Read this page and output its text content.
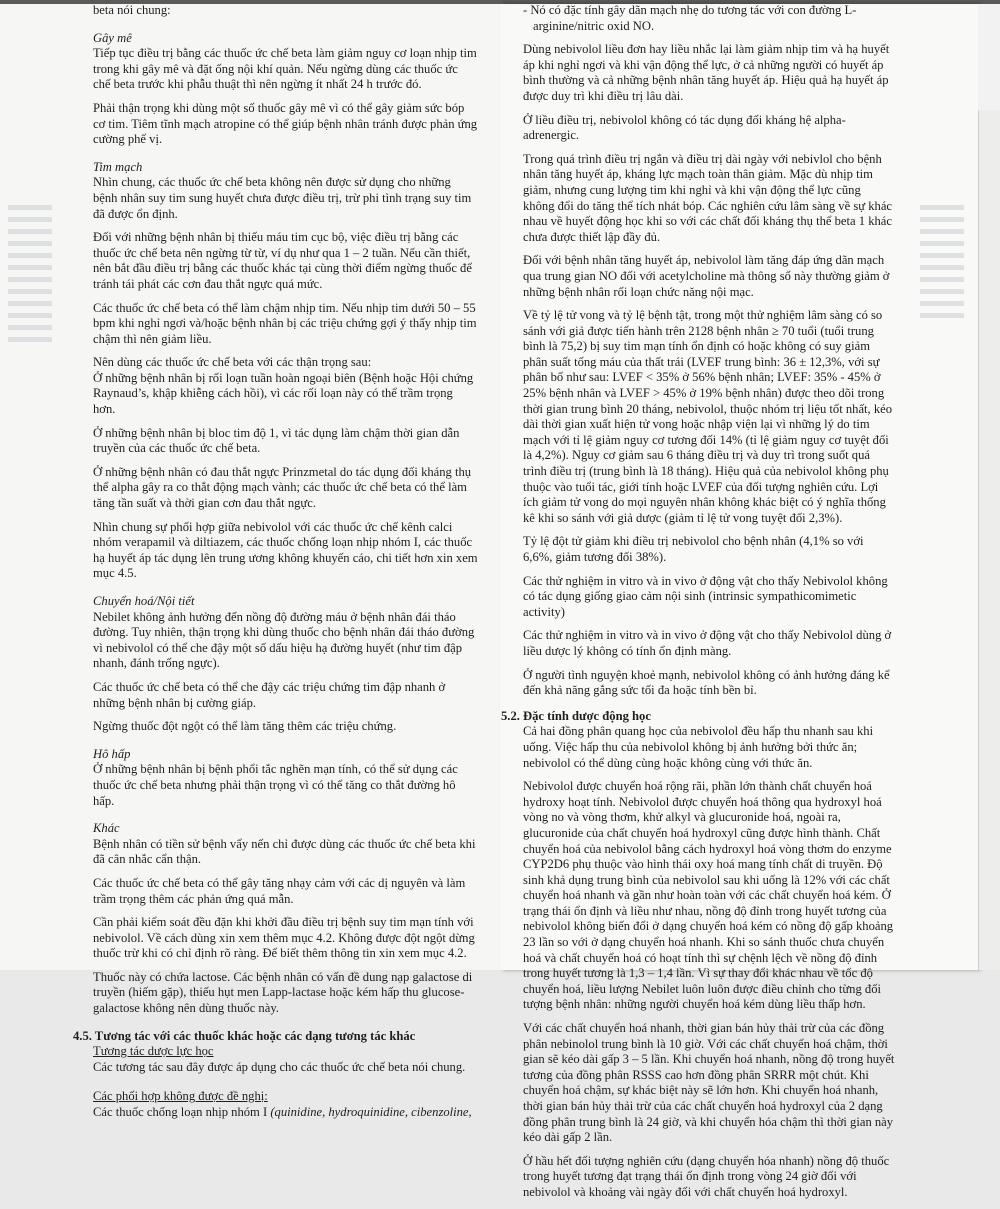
beta nói chung:

Gây mê

Tiếp tục điều trị bằng các thuốc ức chế beta làm giảm nguy cơ loạn nhịp tim trong khi gây mê và đặt ống nội khí quản. Nếu ngừng dùng các thuốc ức chế beta trước khi phẫu thuật thì nên ngừng ít nhất 24 h trước đó.

Phải thận trọng khi dùng một số thuốc gây mê vì có thể gây giảm sức bóp cơ tim. Tiêm tĩnh mạch atropine có thể giúp bệnh nhân tránh được phản ứng cường phế vị.

Tim mạch

Nhìn chung, các thuốc ức chế beta không nên được sử dụng cho những bệnh nhân suy tim sung huyết chưa được điều trị, trừ phi tình trạng suy tim đã được ổn định.

Đối với những bệnh nhân bị thiếu máu tim cục bộ, việc điều trị bằng các thuốc ức chế beta nên ngừng từ từ, ví dụ như qua 1 – 2 tuần. Nếu cần thiết, nên bắt đầu điều trị bằng các thuốc khác tại cùng thời điểm ngừng thuốc để tránh tái phát các cơn đau thắt ngực quá mức.

Các thuốc ức chế beta có thể làm chậm nhịp tim. Nếu nhịp tim dưới 50 – 55 bpm khi nghỉ ngơi và/hoặc bệnh nhân bị các triệu chứng gợi ý thấy nhịp tim chậm thì nên giảm liều.

Nên dùng các thuốc ức chế beta với các thận trọng sau:

Ở những bệnh nhân bị rối loạn tuần hoàn ngoại biên (Bệnh hoặc Hội chứng Raynaud’s, khập khiễng cách hồi), vì các rối loạn này có thể trầm trọng hơn.

Ở những bệnh nhân bị bloc tim độ 1, vì tác dụng làm chậm thời gian dẫn truyền của các thuốc ức chế beta.

Ở những bệnh nhân có đau thắt ngực Prinzmetal do tác dụng đối kháng thụ thể alpha gây ra co thắt động mạch vành; các thuốc ức chế beta có thể làm tăng tần suất và thời gian cơn đau thắt ngực.

Nhìn chung sự phối hợp giữa nebivolol với các thuốc ức chế kênh calci nhóm verapamil và diltiazem, các thuốc chống loạn nhịp nhóm I, các thuốc hạ huyết áp tác dụng lên trung ương không khuyến cáo, chi tiết hơn xin xem mục 4.5.

Chuyển hoá/Nội tiết

Nebilet không ảnh hưởng đến nồng độ đường máu ở bệnh nhân đái tháo đường. Tuy nhiên, thận trọng khi dùng thuốc cho bệnh nhân đái tháo đường vì nebivolol có thể che đậy một số dấu hiệu hạ đường huyết (như tim đập nhanh, đánh trống ngực).

Các thuốc ức chế beta có thể che đậy các triệu chứng tim đập nhanh ở những bệnh nhân bị cường giáp.

Ngừng thuốc đột ngột có thể làm tăng thêm các triệu chứng.

Hô hấp

Ở những bệnh nhân bị bệnh phổi tắc nghẽn mạn tính, có thể sử dụng các thuốc ức chế beta nhưng phải thận trọng vì có thể tăng co thắt đường hô hấp.

Khác

Bệnh nhân có tiền sử bệnh vẩy nến chỉ được dùng các thuốc ức chế beta khi đã cân nhắc cẩn thận.

Các thuốc ức chế beta có thể gây tăng nhạy cảm với các dị nguyên và làm trầm trọng thêm các phản ứng quá mẫn.

Cần phải kiểm soát đều đặn khi khởi đầu điều trị bệnh suy tim mạn tính với nebivolol. Về cách dùng xin xem thêm mục 4.2. Không được đột ngột dừng thuốc trừ khi có chỉ định rõ ràng. Để biết thêm thông tin xin xem mục 4.2.

Thuốc này có chứa lactose. Các bệnh nhân có vấn đề dung nạp galactose di truyền (hiếm gặp), thiếu hụt men Lapp-lactase hoặc kém hấp thu glucose-galactose không nên dùng thuốc này.

4.5. Tương tác với các thuốc khác hoặc các dạng tương tác khác

Tương tác dược lực học

Các tương tác sau đây được áp dụng cho các thuốc ức chế beta nói chung.

Các phối hợp không được đề nghị:

Các thuốc chống loạn nhịp nhóm I (quinidine, hydroquinidine, cibenzoline,

- Nó có đặc tính gây dãn mạch nhẹ do tương tác với con đường L-arginine/nitric oxid NO.

Dùng nebivolol liều đơn hay liều nhắc lại làm giảm nhịp tim và hạ huyết áp khi nghỉ ngơi và khi vận động thể lực, ở cả những người có huyết áp bình thường và cả những bệnh nhân tăng huyết áp. Hiệu quả hạ huyết áp được duy trì khi điều trị lâu dài.

Ở liều điều trị, nebivolol không có tác dụng đối kháng hệ alpha-adrenergic.

Trong quá trình điều trị ngắn và điều trị dài ngày với nebivlol cho bệnh nhân tăng huyết áp, kháng lực mạch toàn thân giảm. Mặc dù nhịp tim giảm, nhưng cung lượng tim khi nghỉ và khi vận động thể lực cũng không đổi do tăng thể tích nhát bóp. Các nghiên cứu lâm sàng về sự khác nhau về huyết động học khi so với các chất đối kháng thụ thể beta 1 khác chưa được thiết lập đầy đủ.

Đối với bệnh nhân tăng huyết áp, nebivolol làm tăng đáp ứng dãn mạch qua trung gian NO đối với acetylcholine mà thông số này thường giảm ở những bệnh nhân rối loạn chức năng nội mạc.

Về tỷ lệ tử vong và tỷ lệ bệnh tật, trong một thử nghiệm lâm sàng có so sánh với giả được tiến hành trên 2128 bệnh nhân ≥ 70 tuổi (tuổi trung bình là 75,2) bị suy tim mạn tính ổn định có hoặc không có suy giảm phân suất tống máu của thất trái (LVEF trung bình: 36 ± 12,3%, với sự phân bố như sau: LVEF < 35% ở 56% bệnh nhân; LVEF: 35% - 45% ở 25% bệnh nhân và LVEF > 45% ở 19% bệnh nhân) được theo dõi trong thời gian trung bình 20 tháng, nebivolol, thuộc nhóm trị liệu tốt nhất, kéo dài thời gian xuất hiện tử vong hoặc nhập viện lại vì những lý do tim mạch với tỉ lệ giảm nguy cơ tương đối 14% (tỉ lệ giảm nguy cơ tuyệt đối là 4,2%). Nguy cơ giảm sau 6 tháng điều trị và duy trì trong suốt quá trình điều trị (trung bình là 18 tháng). Hiệu quả của nebivolol không phụ thuộc vào tuổi tác, giới tính hoặc LVEF của đối tượng nghiên cứu. Lợi ích giảm tử vong do mọi nguyên nhân không khác biệt có ý nghĩa thống kê khi so sánh với giả dược (giảm tỉ lệ tử vong tuyệt đối 2,3%).

Tỷ lệ đột tử giảm khi điều trị nebivolol cho bệnh nhân (4,1% so với 6,6%, giảm tương đối 38%).

Các thử nghiệm in vitro và in vivo ở động vật cho thấy Nebivolol không có tác dụng giống giao cảm nội sinh (intrinsic sympathicomimetic activity)

Các thử nghiệm in vitro và in vivo ở động vật cho thấy Nebivolol dùng ở liều dược lý không có tính ổn định màng.

Ở người tình nguyện khoẻ mạnh, nebivolol không có ảnh hưởng đáng kể đến khả năng gắng sức tối đa hoặc tính bền bỉ.

5.2. Đặc tính dược động học

Cả hai đồng phân quang học của nebivolol đều hấp thu nhanh sau khi uống. Việc hấp thu của nebivolol không bị ảnh hưởng bởi thức ăn; nebivolol có thể dùng cùng hoặc không cùng với thức ăn.

Nebivolol được chuyển hoá rộng rãi, phần lớn thành chất chuyển hoá hydroxy hoạt tính. Nebivolol được chuyển hoá thông qua hydroxyl hoá vòng no và vòng thơm, khử alkyl và glucuronide hoá, ngoài ra, glucuronide của chất chuyển hoá hydroxyl cũng được hình thành. Chất chuyển hoá của nebivolol bằng cách hydroxyl hoá vòng thơm do enzyme CYP2D6 phụ thuộc vào hình thái oxy hoá mang tính chất di truyền. Độ sinh khả dụng trung bình của nebivolol sau khi uống là 12% với các chất chuyển hoá nhanh và gần như hoàn toàn với các chất chuyển hoá kém. Ở trạng thái ổn định và liều như nhau, nồng độ đỉnh trong huyết tương của nebivolol không biến đổi ở dạng chuyển hoá kém có nồng độ gấp khoảng 23 lần so với ở dạng chuyển hoá nhanh. Khi so sánh thuốc chưa chuyển hoá và chất chuyển hoá có hoạt tính thì sự chệnh lệch về nồng độ đỉnh trong huyết tương là 1,3 – 1,4 lần. Vì sự thay đổi khác nhau về tốc độ chuyển hoá, liều lượng Nebilet luôn luôn được điều chỉnh cho từng đối tượng bệnh nhân: những người chuyển hoá kém dùng liều thấp hơn.

Với các chất chuyển hoá nhanh, thời gian bán hủy thải trừ của các đồng phân nebinolol trung bình là 10 giờ. Với các chất chuyển hoá chậm, thời gian sẽ kéo dài gấp 3 – 5 lần. Khi chuyển hoá nhanh, nồng độ trong huyết tương của đồng phân RSSS cao hơn đồng phân SRRR một chút. Khi chuyển hoá chậm, sự khác biệt này sẽ lớn hơn. Khi chuyển hoá nhanh, thời gian bán hủy thải trừ của các chất chuyển hoá hydroxyl của 2 dạng đồng phân trung bình là 24 giờ, và khi chuyển hóa chậm thì thời gian này kéo dài gấp 2 lần.

Ở hầu hết đối tượng nghiên cứu (dạng chuyển hóa nhanh) nồng độ thuốc trong huyết tương đạt trạng thái ổn định trong vòng 24 giờ đối với nebivolol và khoảng vài ngày đối với chất chuyển hoá hydroxyl.
